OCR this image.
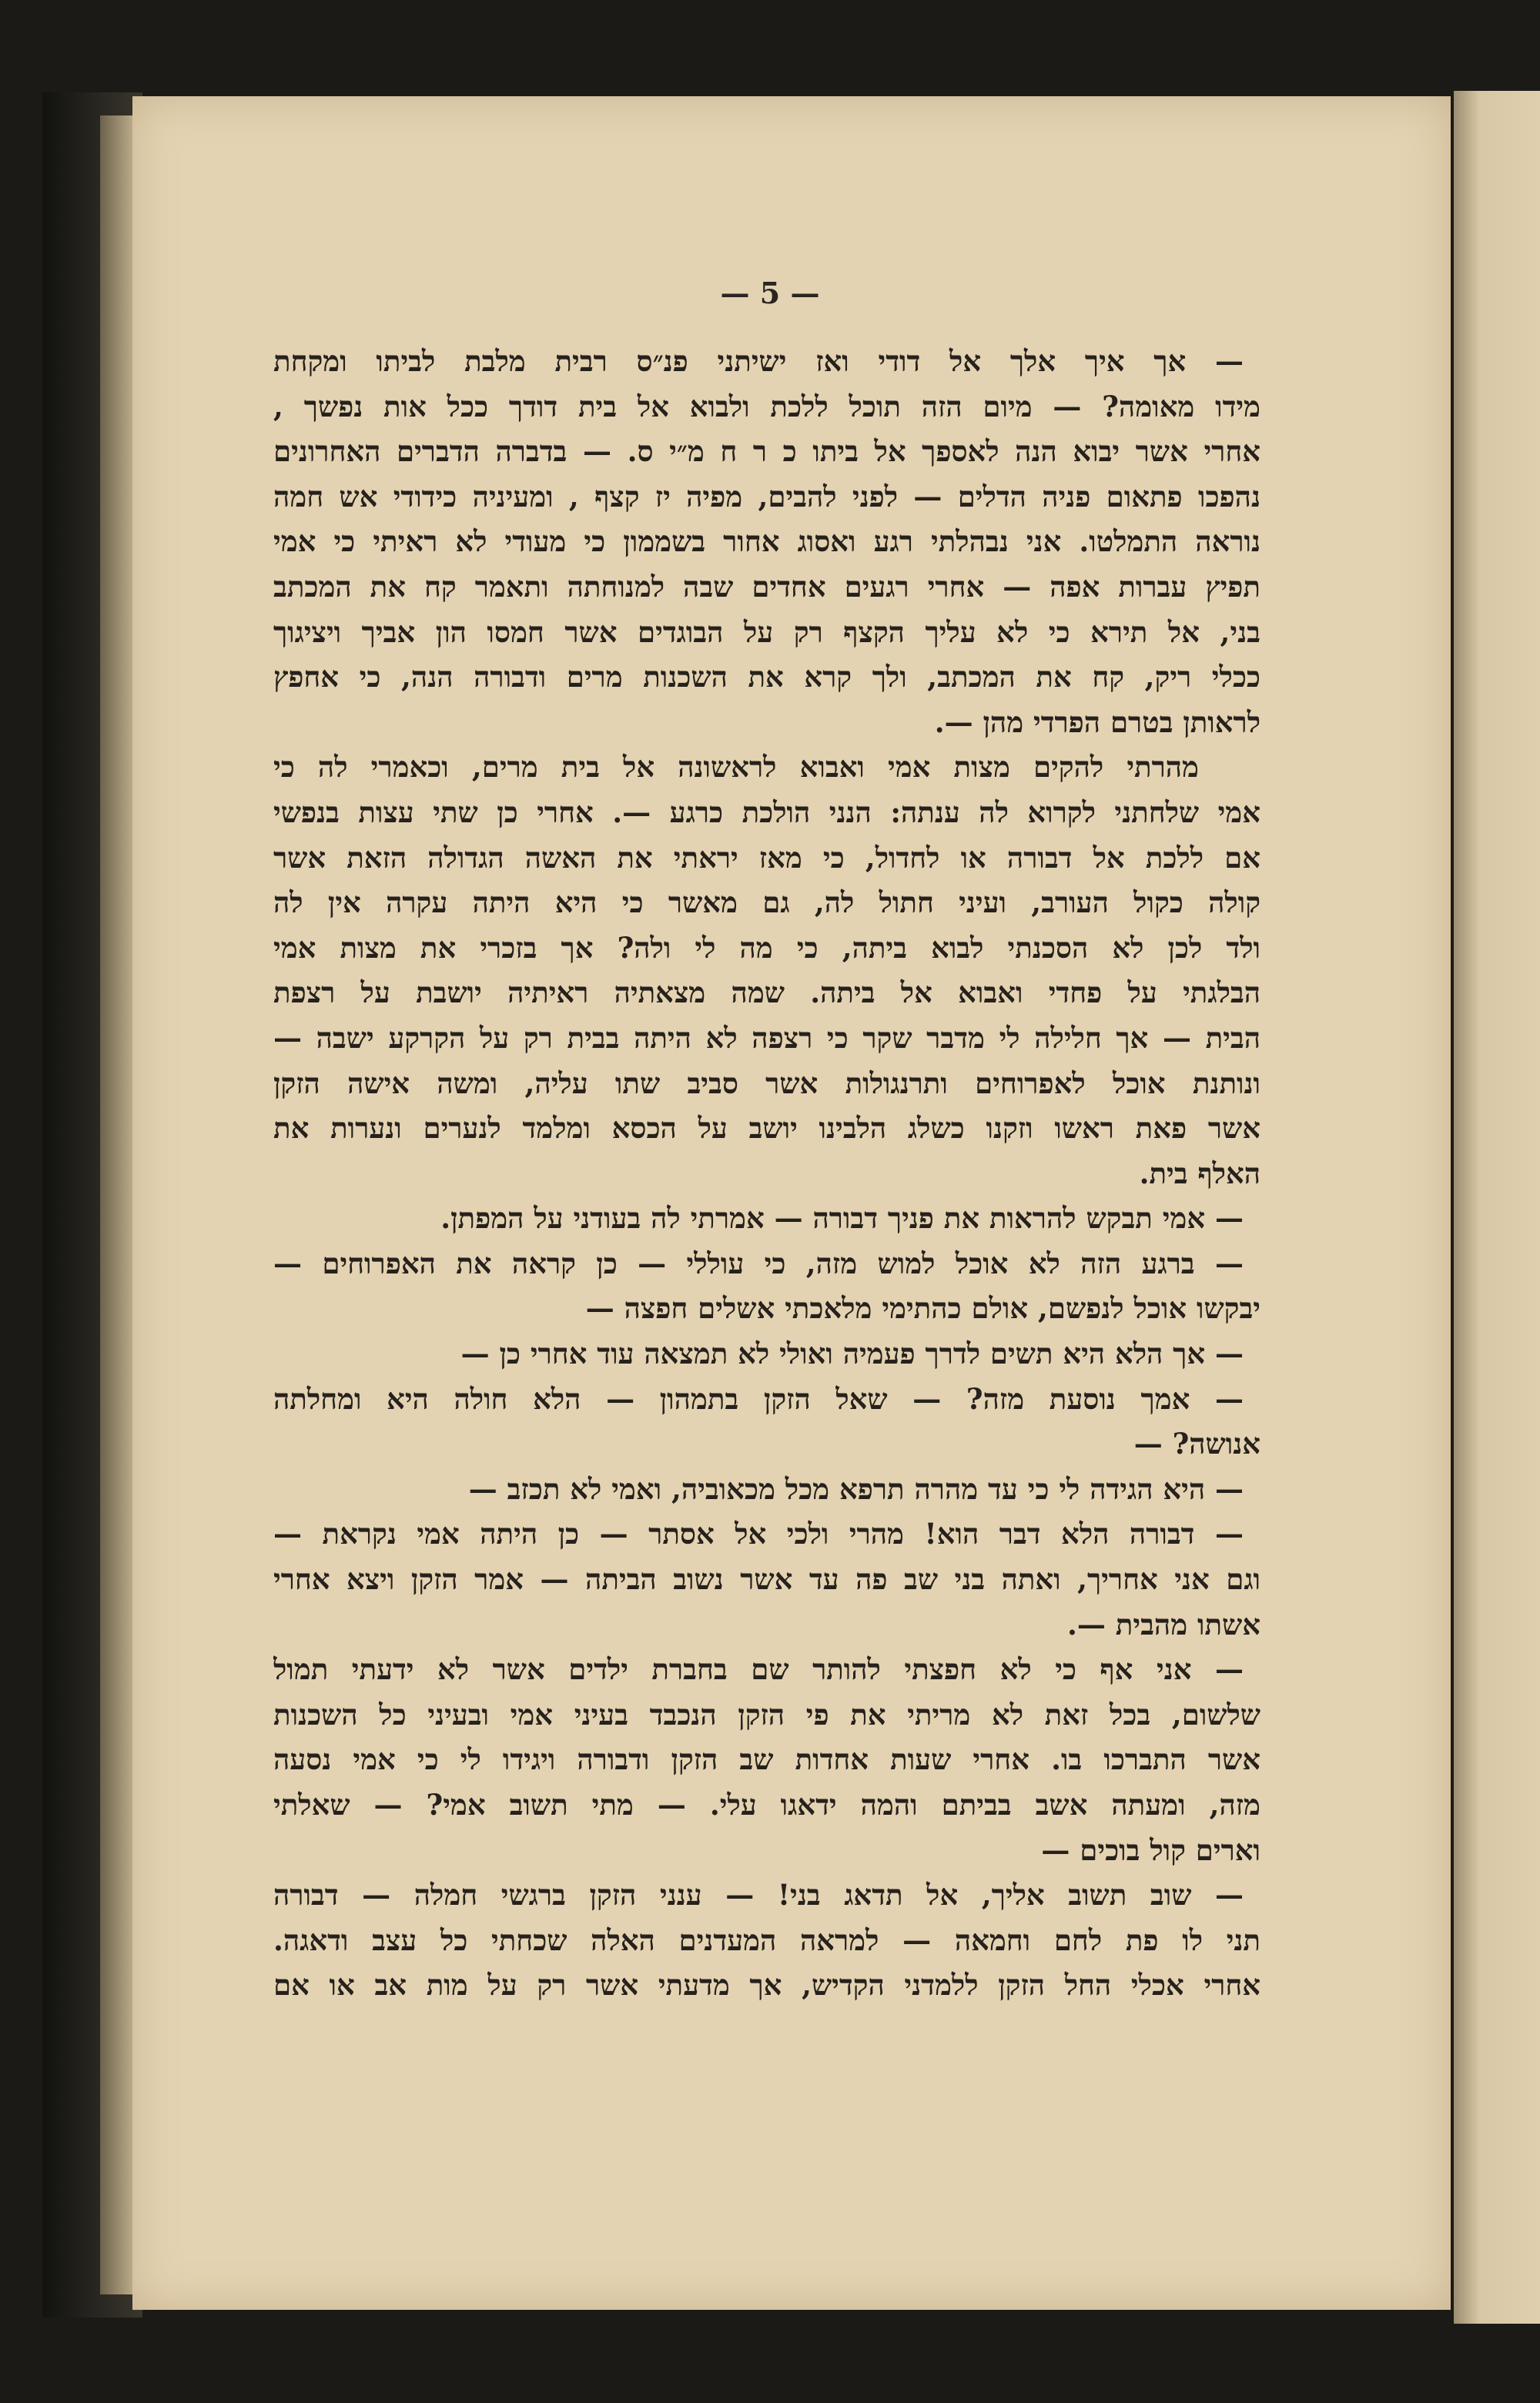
— 5 —
— אך איך אלך אל דודי ואז ישיתני פנ״ס רבית מלבת לביתו ומקחת
מידו מאומה? — מיום הזה תוכל ללכת ולבוא אל בית דודך ככל אות נפשך ,
אחרי אשר יבוא הנה לאספך אל ביתו כ ר ח מ״י ס. — בדברה הדברים האחרונים
נהפכו פתאום פניה הדלים — לפני להבים, מפיה יז קצף , ומעיניה כידודי אש חמה
נוראה התמלטו. אני נבהלתי רגע ואסוג אחור בשממון כי מעודי לא ראיתי כי אמי
תפיץ עברות אפה — אחרי רגעים אחדים שבה למנוחתה ותאמר קח את המכתב
בני, אל תירא כי לא עליך הקצף רק על הבוגדים אשר חמסו הון אביך ויציגוך
ככלי ריק, קח את המכתב, ולך קרא את השכנות מרים ודבורה הנה, כי אחפץ
לראותן בטרם הפרדי מהן —.
מהרתי להקים מצות אמי ואבוא לראשונה אל בית מרים, וכאמרי לה כי
אמי שלחתני לקרוא לה ענתה: הנני הולכת כרגע —. אחרי כן שתי עצות בנפשי
אם ללכת אל דבורה או לחדול, כי מאז יראתי את האשה הגדולה הזאת אשר
קולה כקול העורב, ועיני חתול לה, גם מאשר כי היא היתה עקרה אין לה
ולד לכן לא הסכנתי לבוא ביתה, כי מה לי ולה? אך בזכרי את מצות אמי
הבלגתי על פחדי ואבוא אל ביתה. שמה מצאתיה ראיתיה יושבת על רצפת
הבית — אך חלילה לי מדבר שקר כי רצפה לא היתה בבית רק על הקרקע ישבה —
ונותנת אוכל לאפרוחים ותרנגולות אשר סביב שתו עליה, ומשה אישה הזקן
אשר פאת ראשו וזקנו כשלג הלבינו יושב על הכסא ומלמד לנערים ונערות את
האלף בית.
— אמי תבקש להראות את פניך דבורה — אמרתי לה בעודני על המפתן.
— ברגע הזה לא אוכל למוש מזה, כי עוללי — כן קראה את האפרוחים —
יבקשו אוכל לנפשם, אולם כהתימי מלאכתי אשלים חפצה —
— אך הלא היא תשים לדרך פעמיה ואולי לא תמצאה עוד אחרי כן —
— אמך נוסעת מזה? — שאל הזקן בתמהון — הלא חולה היא ומחלתה
אנושה? —
— היא הגידה לי כי עד מהרה תרפא מכל מכאוביה, ואמי לא תכזב —
— דבורה הלא דבר הוא! מהרי ולכי אל אסתר — כן היתה אמי נקראת —
וגם אני אחריך, ואתה בני שב פה עד אשר נשוב הביתה — אמר הזקן ויצא אחרי
אשתו מהבית —.
— אני אף כי לא חפצתי להותר שם בחברת ילדים אשר לא ידעתי תמול
שלשום, בכל זאת לא מריתי את פי הזקן הנכבד בעיני אמי ובעיני כל השכנות
אשר התברכו בו. אחרי שעות אחדות שב הזקן ודבורה ויגידו לי כי אמי נסעה
מזה, ומעתה אשב בביתם והמה ידאגו עלי. — מתי תשוב אמי? — שאלתי
וארים קול בוכים —
— שוב תשוב אליך, אל תדאג בני! — ענני הזקן ברגשי חמלה — דבורה
תני לו פת לחם וחמאה — למראה המעדנים האלה שכחתי כל עצב ודאגה.
אחרי אכלי החל הזקן ללמדני הקדיש, אך מדעתי אשר רק על מות אב או אם
